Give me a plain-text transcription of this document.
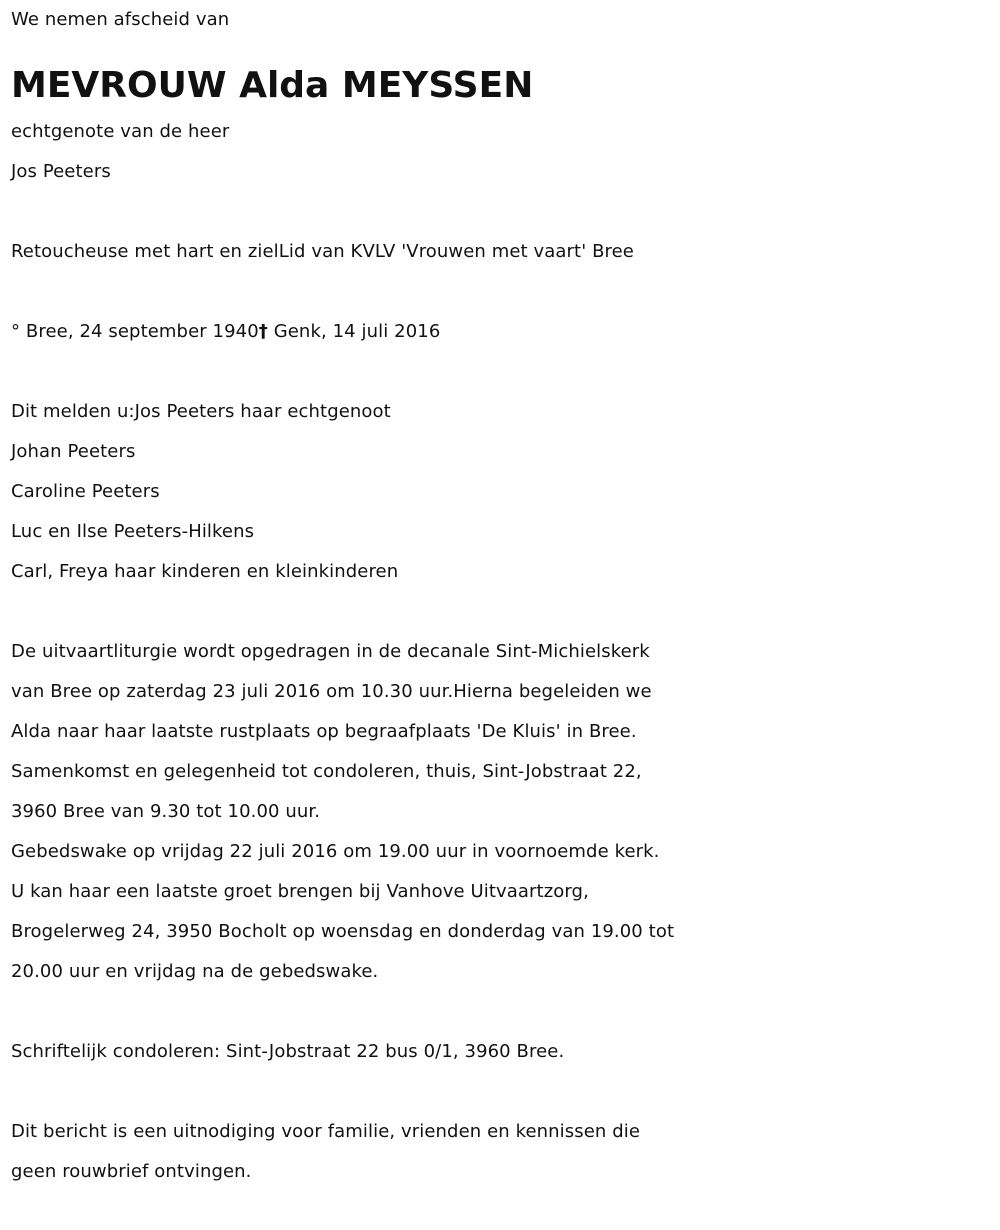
We nemen afscheid van
MEVROUW Alda MEYSSEN
echtgenote van de heer
Jos Peeters
Retoucheuse met hart en zielLid van KVLV 'Vrouwen met vaart' Bree
° Bree, 24 september 1940† Genk, 14 juli 2016
Dit melden u:Jos Peeters haar echtgenoot
Johan Peeters
Caroline Peeters
Luc en Ilse Peeters-Hilkens
Carl, Freya haar kinderen en kleinkinderen
De uitvaartliturgie wordt opgedragen in de decanale Sint-Michielskerk
van Bree op zaterdag 23 juli 2016 om 10.30 uur.Hierna begeleiden we
Alda naar haar laatste rustplaats op begraafplaats 'De Kluis' in Bree.
Samenkomst en gelegenheid tot condoleren, thuis, Sint-Jobstraat 22,
3960 Bree van 9.30 tot 10.00 uur.
Gebedswake op vrijdag 22 juli 2016 om 19.00 uur in voornoemde kerk.
U kan haar een laatste groet brengen bij Vanhove Uitvaartzorg,
Brogelerweg 24, 3950 Bocholt op woensdag en donderdag van 19.00 tot
20.00 uur en vrijdag na de gebedswake.
Schriftelijk condoleren: Sint-Jobstraat 22 bus 0/1, 3960 Bree.
Dit bericht is een uitnodiging voor familie, vrienden en kennissen die
geen rouwbrief ontvingen.
